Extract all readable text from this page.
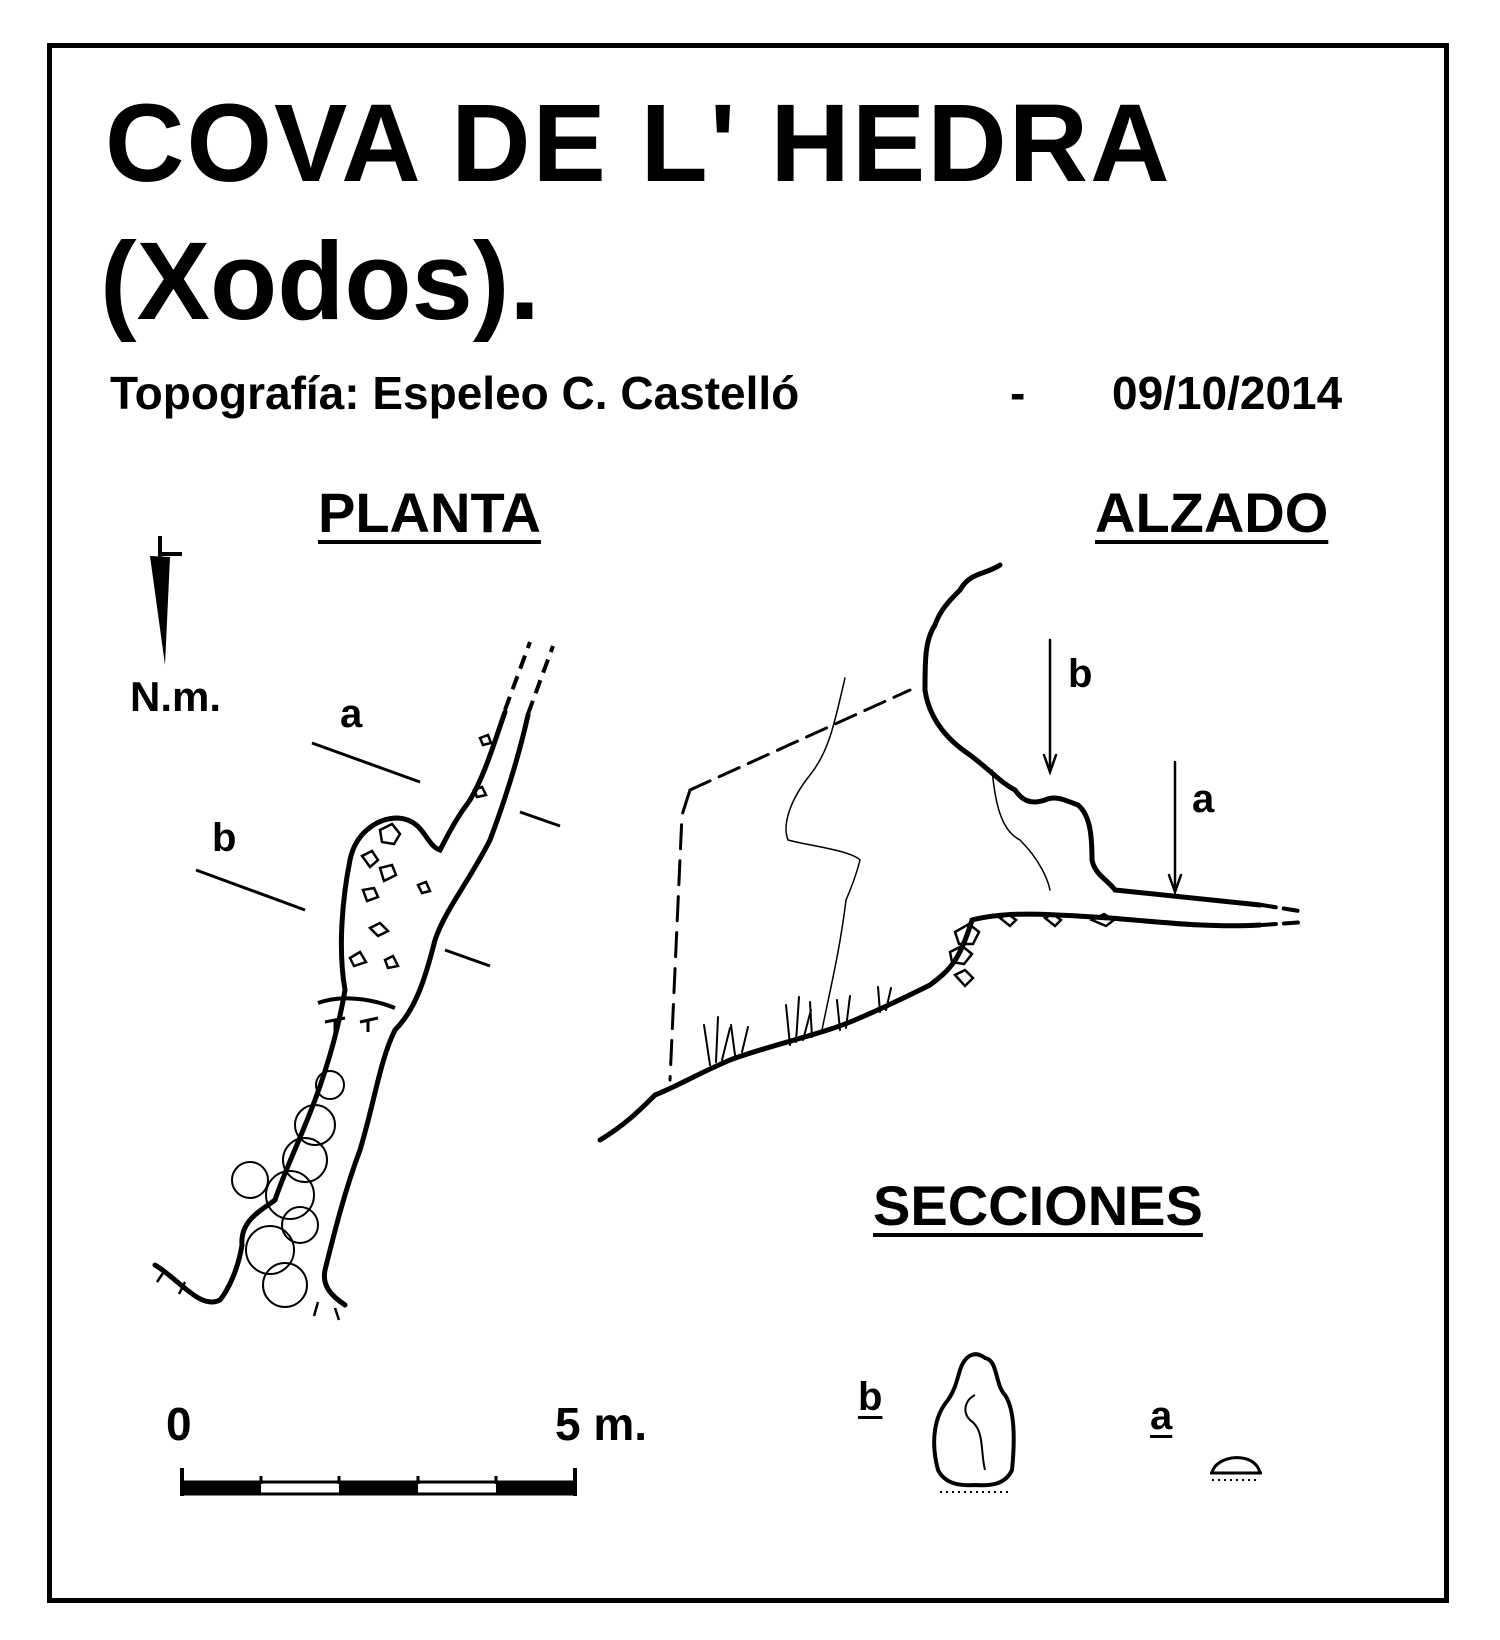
COVA DE L' HEDRA
(Xodos).
Topografía: Espeleo C. Castelló	- 09/10/2014
PLANTA	ALZADO
SECCIONES
N.m.	a
b
b
a
b	a
0	5 m.
